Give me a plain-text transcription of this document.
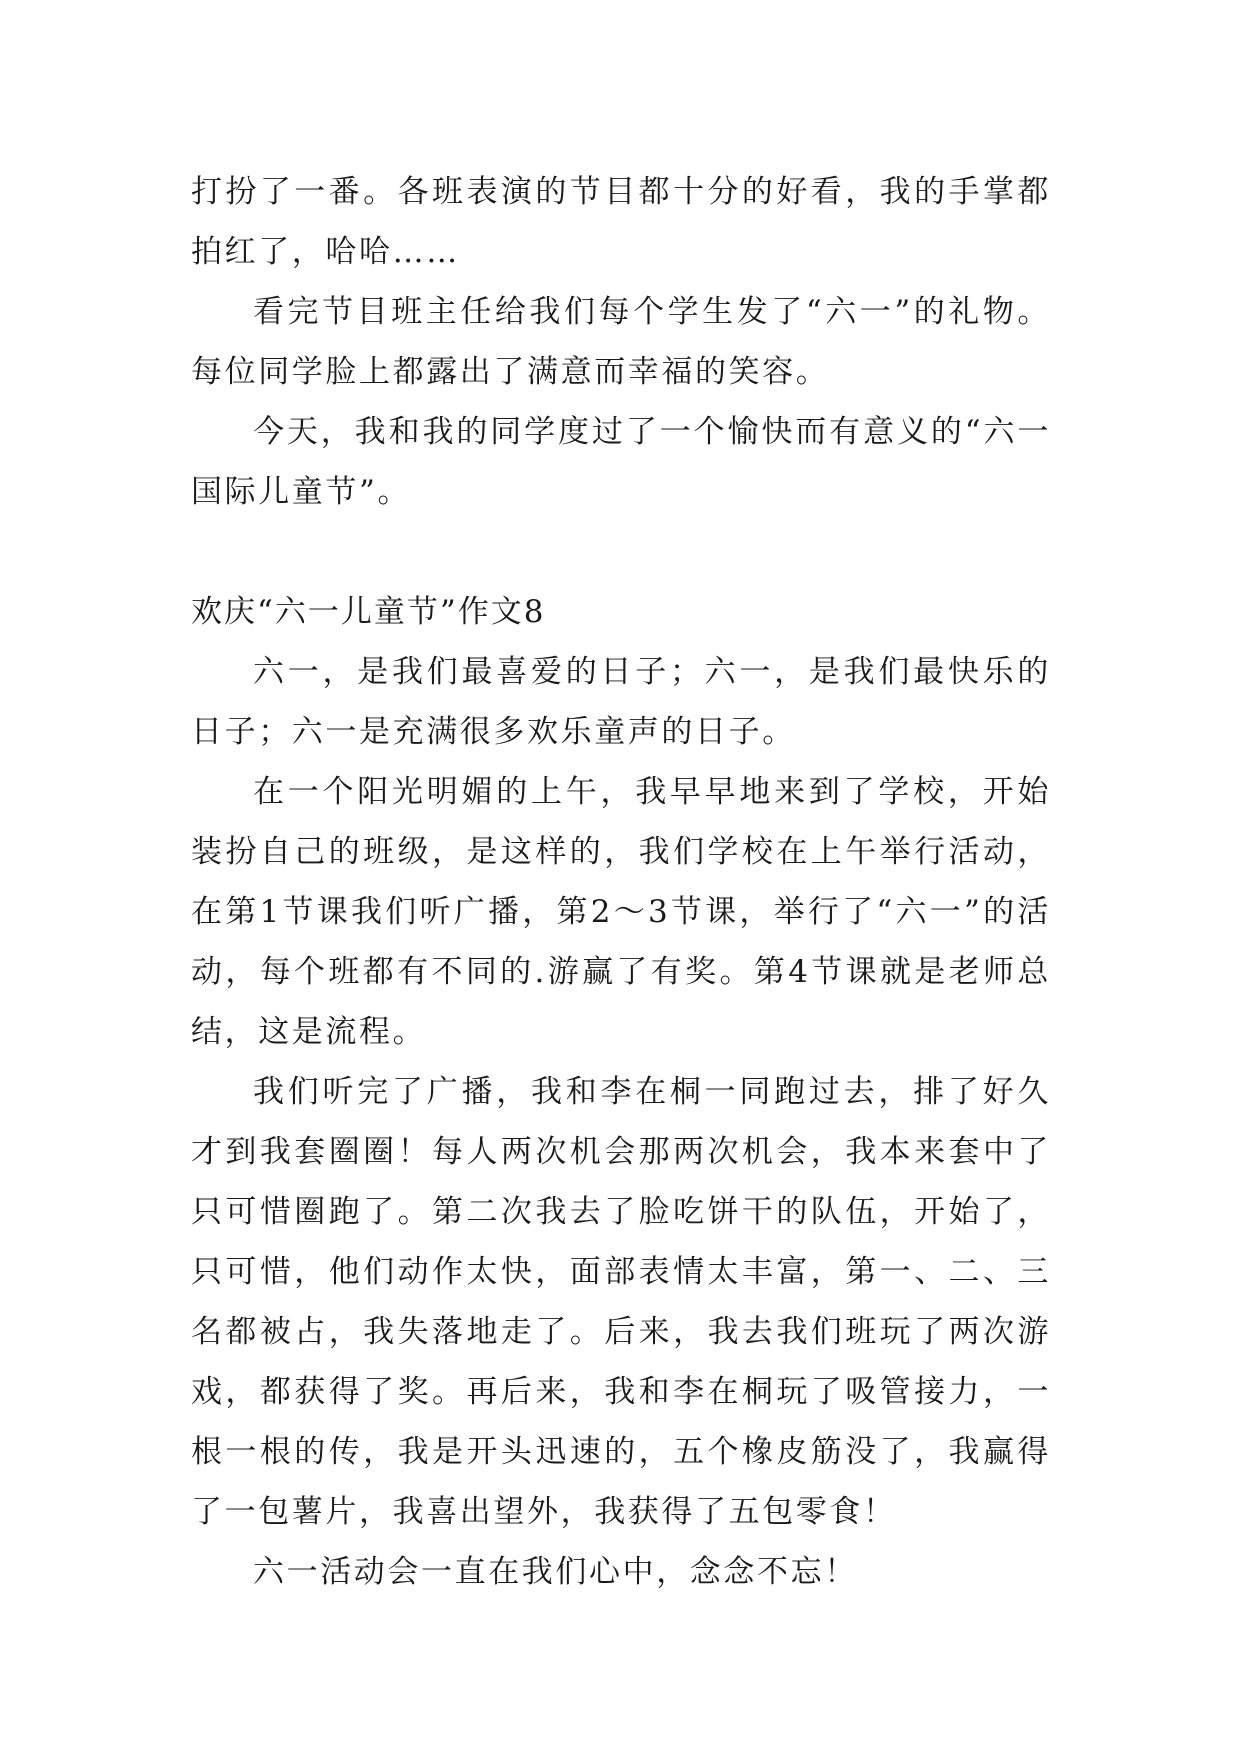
打扮了一番。各班表演的节目都十分的好看，我的手掌都拍红了，哈哈……

看完节目班主任给我们每个学生发了“六一”的礼物。每位同学脸上都露出了满意而幸福的笑容。

今天，我和我的同学度过了一个愉快而有意义的“六一国际儿童节”。

欢庆“六一儿童节”作文8

六一，是我们最喜爱的日子；六一，是我们最快乐的日子；六一是充满很多欢乐童声的日子。

在一个阳光明媚的上午，我早早地来到了学校，开始装扮自己的班级，是这样的，我们学校在上午举行活动，在第1节课我们听广播，第2～3节课，举行了“六一”的活动，每个班都有不同的.游赢了有奖。第4节课就是老师总结，这是流程。

我们听完了广播，我和李在桐一同跑过去，排了好久才到我套圈圈！每人两次机会那两次机会，我本来套中了只可惜圈跑了。第二次我去了脸吃饼干的队伍，开始了，只可惜，他们动作太快，面部表情太丰富，第一、二、三名都被占，我失落地走了。后来，我去我们班玩了两次游戏，都获得了奖。再后来，我和李在桐玩了吸管接力，一根一根的传，我是开头迅速的，五个橡皮筋没了，我赢得了一包薯片，我喜出望外，我获得了五包零食！

六一活动会一直在我们心中，念念不忘！
